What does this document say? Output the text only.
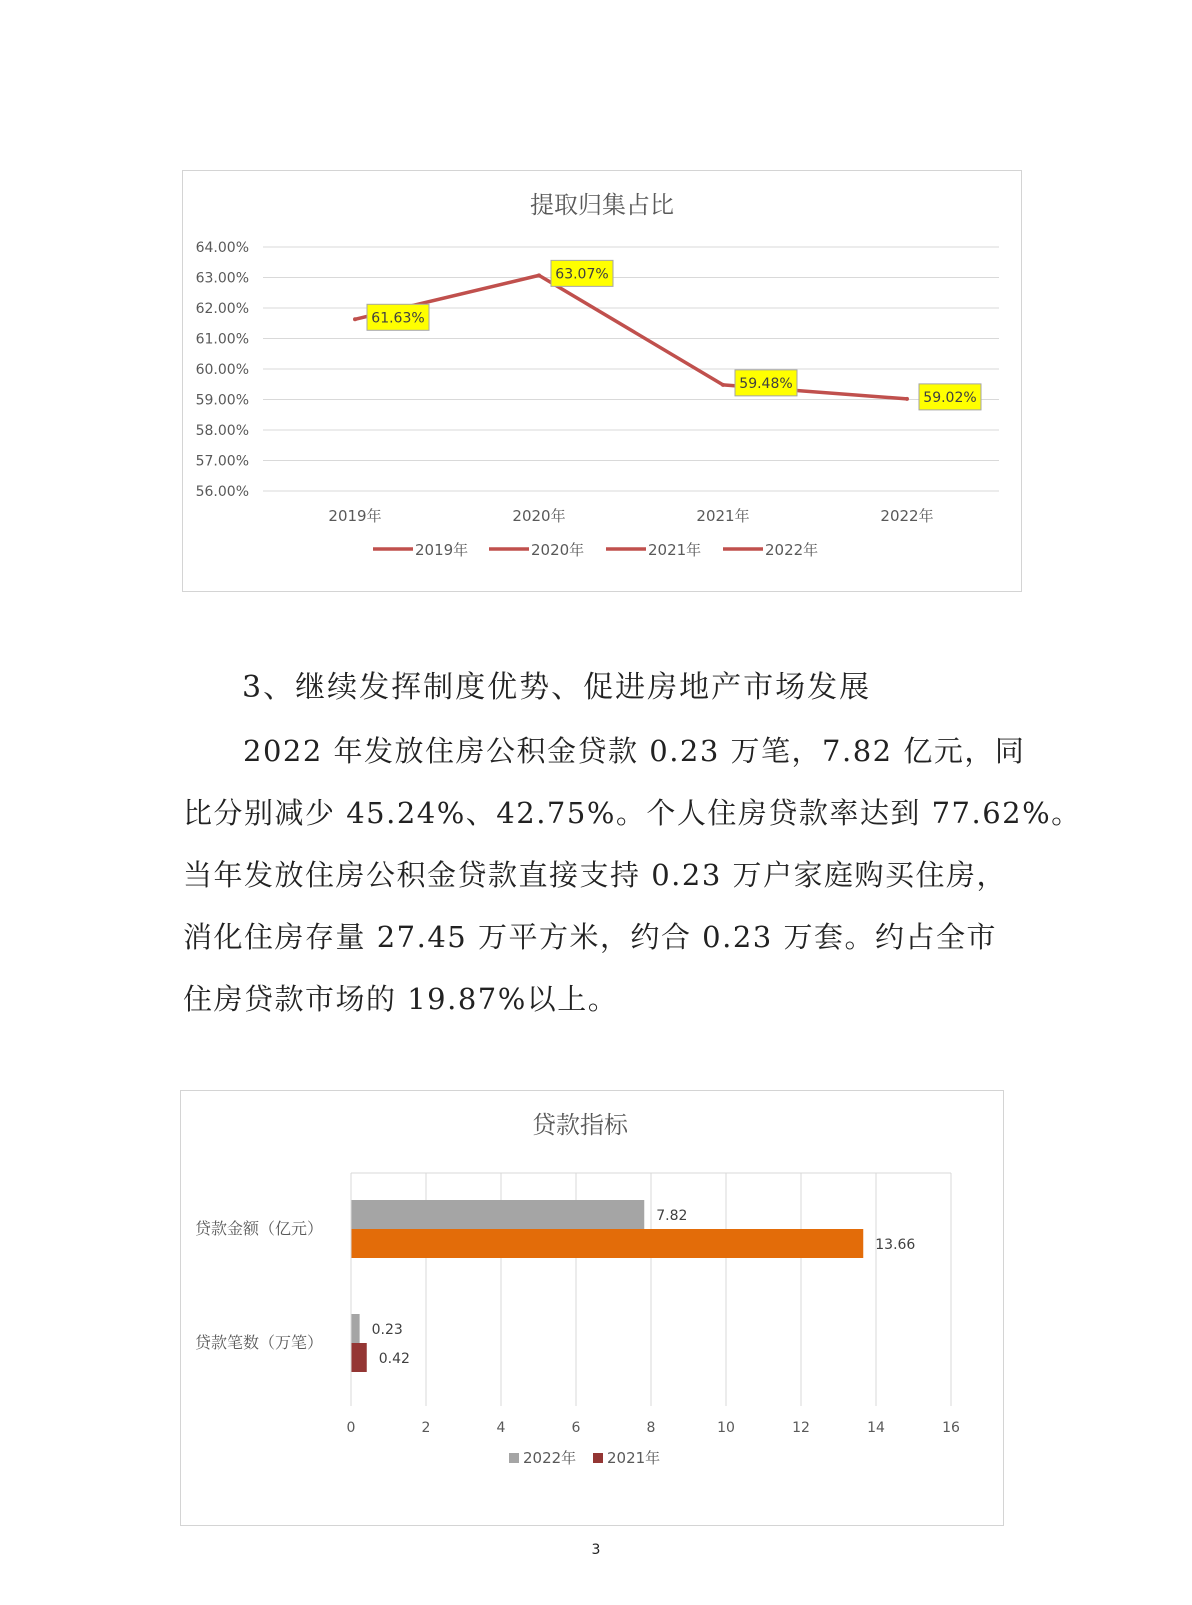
提取归集占比
64.00%
63.00%
62.00%
61.00%
60.00%
59.00%
58.00%
57.00%
56.00%
2019年	2020年	2021年	2022年
61.63%
63.07%
59.48%
59.02%
2019年	2020年	2021年	2022年
3、继续发挥制度优势、促进房地产市场发展
2022 年发放住房公积金贷款 0.23 万笔，7.82 亿元，同
比分别减少 45.24%、42.75%。个人住房贷款率达到 77.62%。
当年发放住房公积金贷款直接支持 0.23 万户家庭购买住房，
消化住房存量 27.45 万平方米，约合 0.23 万套。约占全市
住房贷款市场的 19.87%以上。
贷款指标
0	2	4	6	8	10	12	14	16
贷款金额（亿元）
7.82
13.66
贷款笔数（万笔）
0.23
0.42
2022年 2021年
3
